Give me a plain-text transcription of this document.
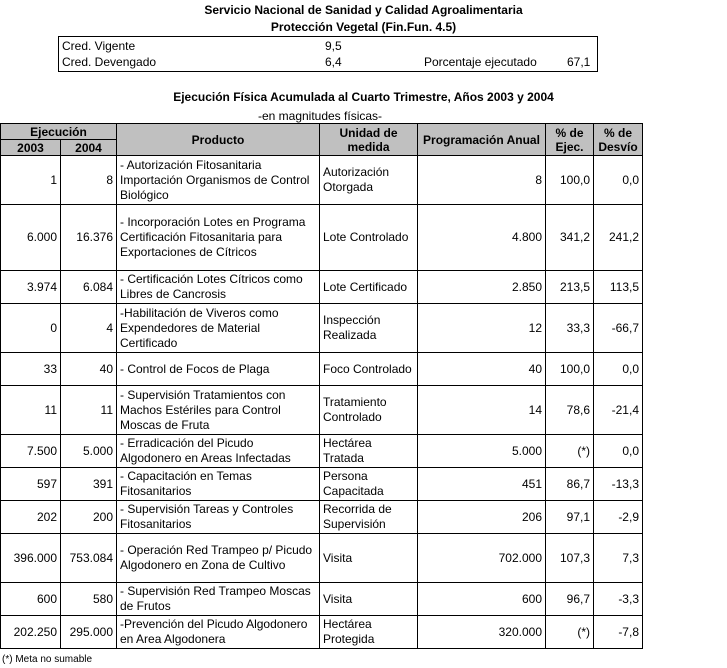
Servicio Nacional de Sanidad y Calidad Agroalimentaria
Protección Vegetal (Fin.Fun. 4.5)
Cred. Vigente	9,5
Cred. Devengado	6,4	Porcentaje ejecutado	67,1
Ejecución Física Acumulada al Cuarto Trimestre, Años 2003 y 2004
-en magnitudes físicas-
Ejecución		Producto	Unidad de medida	Programación Anual	% de Ejec.	% de Desvío
2003	2004					
1	8	- Autorización Fitosanitaria Importación Organismos de Control Biológico	Autorización Otorgada	8	100,0	0,0
6.000	16.376	- Incorporación Lotes en Programa Certificación Fitosanitaria para Exportaciones de Cítricos	Lote Controlado	4.800	341,2	241,2
3.974	6.084	- Certificación Lotes Cítricos como Libres de Cancrosis	Lote Certificado	2.850	213,5	113,5
0	4	-Habilitación de Viveros como Expendedores de Material Certificado	Inspección Realizada	12	33,3	-66,7
33	40	- Control de Focos de Plaga	Foco Controlado	40	100,0	0,0
11	11	- Supervisión Tratamientos con Machos Estériles para Control Moscas de Fruta	Tratamiento Controlado	14	78,6	-21,4
7.500	5.000	- Erradicación del Picudo Algodonero en Areas Infectadas	Hectárea Tratada	5.000	(*)	0,0
597	391	- Capacitación en Temas Fitosanitarios	Persona Capacitada	451	86,7	-13,3
202	200	- Supervisión Tareas y Controles Fitosanitarios	Recorrida de Supervisión	206	97,1	-2,9
396.000	753.084	- Operación Red Trampeo p/ Picudo Algodonero en Zona de Cultivo	Visita	702.000	107,3	7,3
600	580	- Supervisión Red Trampeo Moscas de Frutos	Visita	600	96,7	-3,3
202.250	295.000	-Prevención del Picudo Algodonero en Area Algodonera	Hectárea Protegida	320.000	(*)	-7,8
(*) Meta no sumable
